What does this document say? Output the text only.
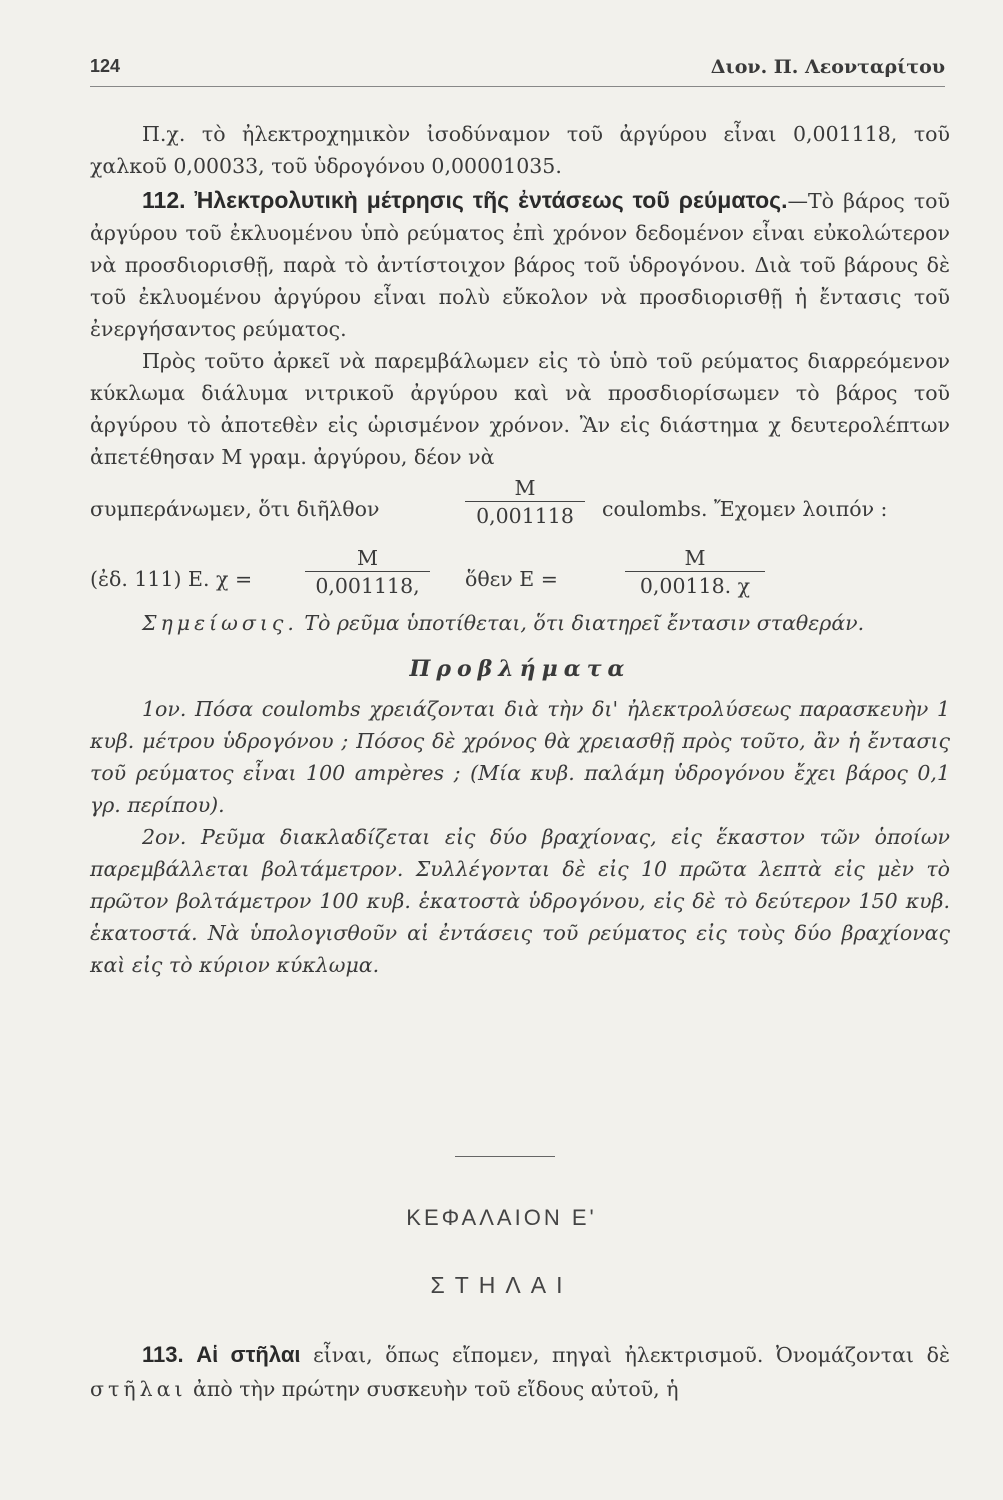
124	Διον. Π. Λεονταρίτου

Π.χ. τὸ ἠλεκτροχημικὸν ἰσοδύναμον τοῦ ἀργύρου εἶναι 0,001118, τοῦ χαλκοῦ 0,00033, τοῦ ὑδρογόνου 0,00001035.

112. Ἠλεκτρολυτικὴ μέτρησις τῆς ἐντάσεως τοῦ ρεύματος.—Τὸ βάρος τοῦ ἀργύρου τοῦ ἐκλυομένου ὑπὸ ρεύματος ἐπὶ χρόνον δεδομένον εἶναι εὐκολώτερον νὰ προσδιορισθῇ, παρὰ τὸ ἀντίστοιχον βάρος τοῦ ὑδρογόνου. Διὰ τοῦ βάρους δὲ τοῦ ἐκλυομένου ἀργύρου εἶναι πολὺ εὔκολον νὰ προσδιορισθῇ ἡ ἔντασις τοῦ ἐνεργήσαντος ρεύματος.

Πρὸς τοῦτο ἀρκεῖ νὰ παρεμβάλωμεν εἰς τὸ ὑπὸ τοῦ ρεύματος διαρρεόμενον κύκλωμα διάλυμα νιτρικοῦ ἀργύρου καὶ νὰ προσδιορίσωμεν τὸ βάρος τοῦ ἀργύρου τὸ ἀποτεθὲν εἰς ὡρισμένον χρόνον. Ἂν εἰς διάστημα χ δευτερολέπτων ἀπετέθησαν Μ γραμ. ἀργύρου, δέον νὰ

συμπεράνωμεν, ὅτι διῆλθον	$\frac{M}{0,001118}$ coulombs. Ἔχομεν λοιπόν :
(ἐδ. 111) Ε. χ =	$\frac{M}{0,001118,}$ ὅθεν Ε =	$\frac{M}{0,00118. \chi}$

Σημείωσις. Τὸ ρεῦμα ὑποτίθεται, ὅτι διατηρεῖ ἔντασιν σταθεράν.

Προβλήματα

1ον. Πόσα coulombs χρειάζονται διὰ τὴν δι' ἠλεκτρολύσεως παρασκευὴν 1 κυβ. μέτρου ὑδρογόνου ; Πόσος δὲ χρόνος θὰ χρειασθῇ πρὸς τοῦτο, ἂν ἡ ἔντασις τοῦ ρεύματος εἶναι 100 ampères ; (Μία κυβ. παλάμη ὑδρογόνου ἔχει βάρος 0,1 γρ. περίπου).

2ον. Ρεῦμα διακλαδίζεται εἰς δύο βραχίονας, εἰς ἕκαστον τῶν ὁποίων παρεμβάλλεται βολτάμετρον. Συλλέγονται δὲ εἰς 10 πρῶτα λεπτὰ εἰς μὲν τὸ πρῶτον βολτάμετρον 100 κυβ. ἑκατοστὰ ὑδρογόνου, εἰς δὲ τὸ δεύτερον 150 κυβ. ἑκατοστά. Νὰ ὑπολογισθοῦν αἱ ἐντάσεις τοῦ ρεύματος εἰς τοὺς δύο βραχίονας καὶ εἰς τὸ κύριον κύκλωμα.

ΚΕΦΑΛΑΙΟΝ Ε'
ΣΤΗΛΑΙ

113. Αἱ στῆλαι εἶναι, ὅπως εἴπομεν, πηγαὶ ἠλεκτρισμοῦ. Ὀνομάζονται δὲ στῆλαι ἀπὸ τὴν πρώτην συσκευὴν τοῦ εἴδους αὐτοῦ, ἡ
